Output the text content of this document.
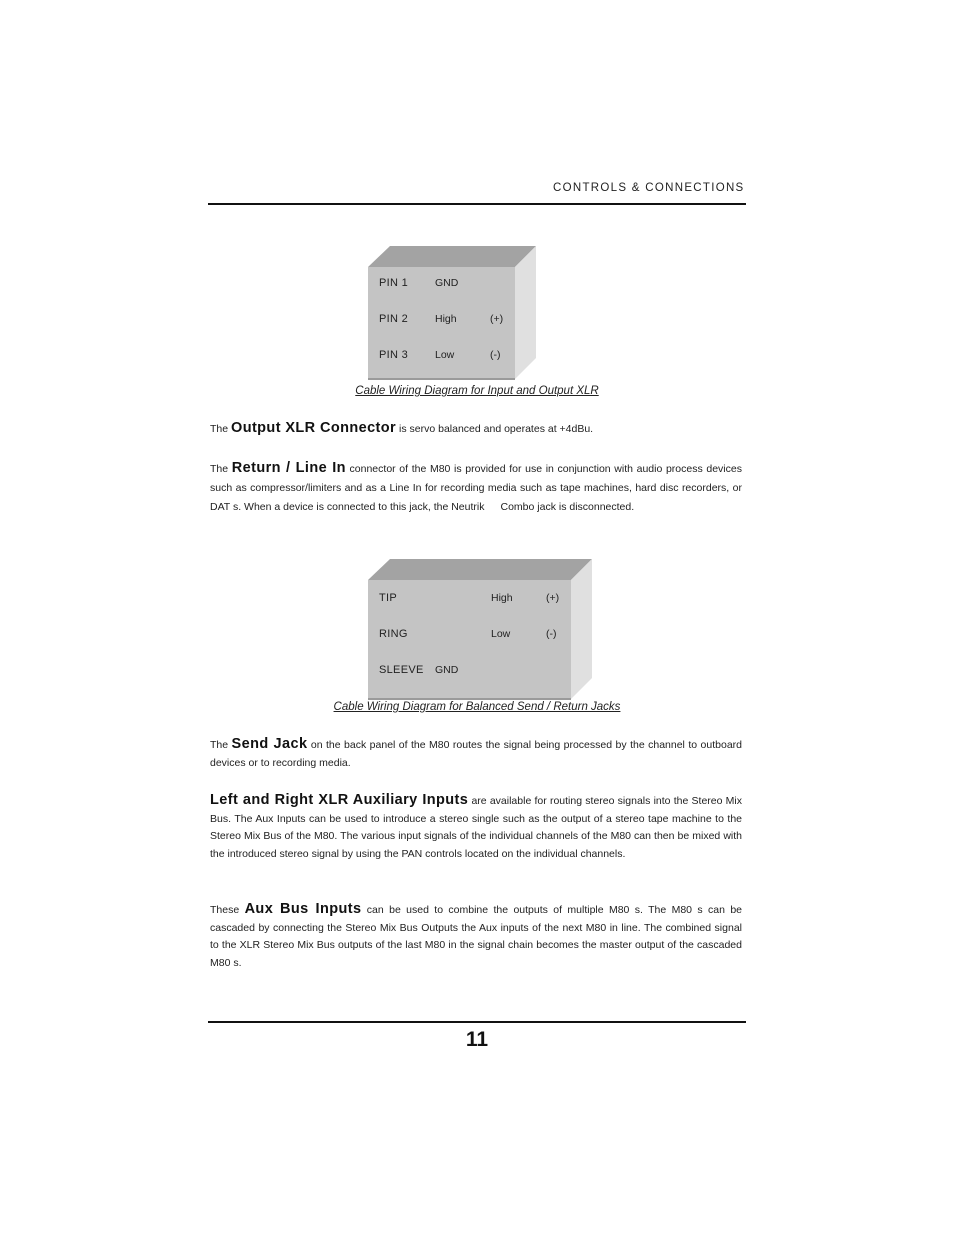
CONTROLS & CONNECTIONS
PIN 1	GND
PIN 2	High	(+)
PIN 3	Low	(-)
Cable Wiring Diagram for Input and Output XLR
The Output XLR Connector is servo balanced and operates at +4dBu.
The Return / Line In connector of the M80 is provided for use in conjunction with audio process devices such as compressor/limiters and as a Line In for recording media such as tape machines, hard disc recorders, or DAT s. When a device is connected to this jack, the Neutrik Combo jack is disconnected.
TIP	High	(+)
RING	Low	(-)
SLEEVE GND
Cable Wiring Diagram for Balanced Send / Return Jacks
The Send Jack on the back panel of the M80 routes the signal being processed by the channel to outboard devices or to recording media.
Left and Right XLR Auxiliary Inputs are available for routing stereo signals into the Stereo Mix Bus. The Aux Inputs can be used to introduce a stereo single such as the output of a stereo tape machine to the Stereo Mix Bus of the M80. The various input signals of the individual channels of the M80 can then be mixed with the introduced stereo signal by using the PAN controls located on the individual channels.
These Aux Bus Inputs can be used to combine the outputs of multiple M80 s. The M80 s can be cascaded by connecting the Stereo Mix Bus Outputs the Aux inputs of the next M80 in line. The combined signal to the XLR Stereo Mix Bus outputs of the last M80 in the signal chain becomes the master output of the cascaded M80 s.
11
